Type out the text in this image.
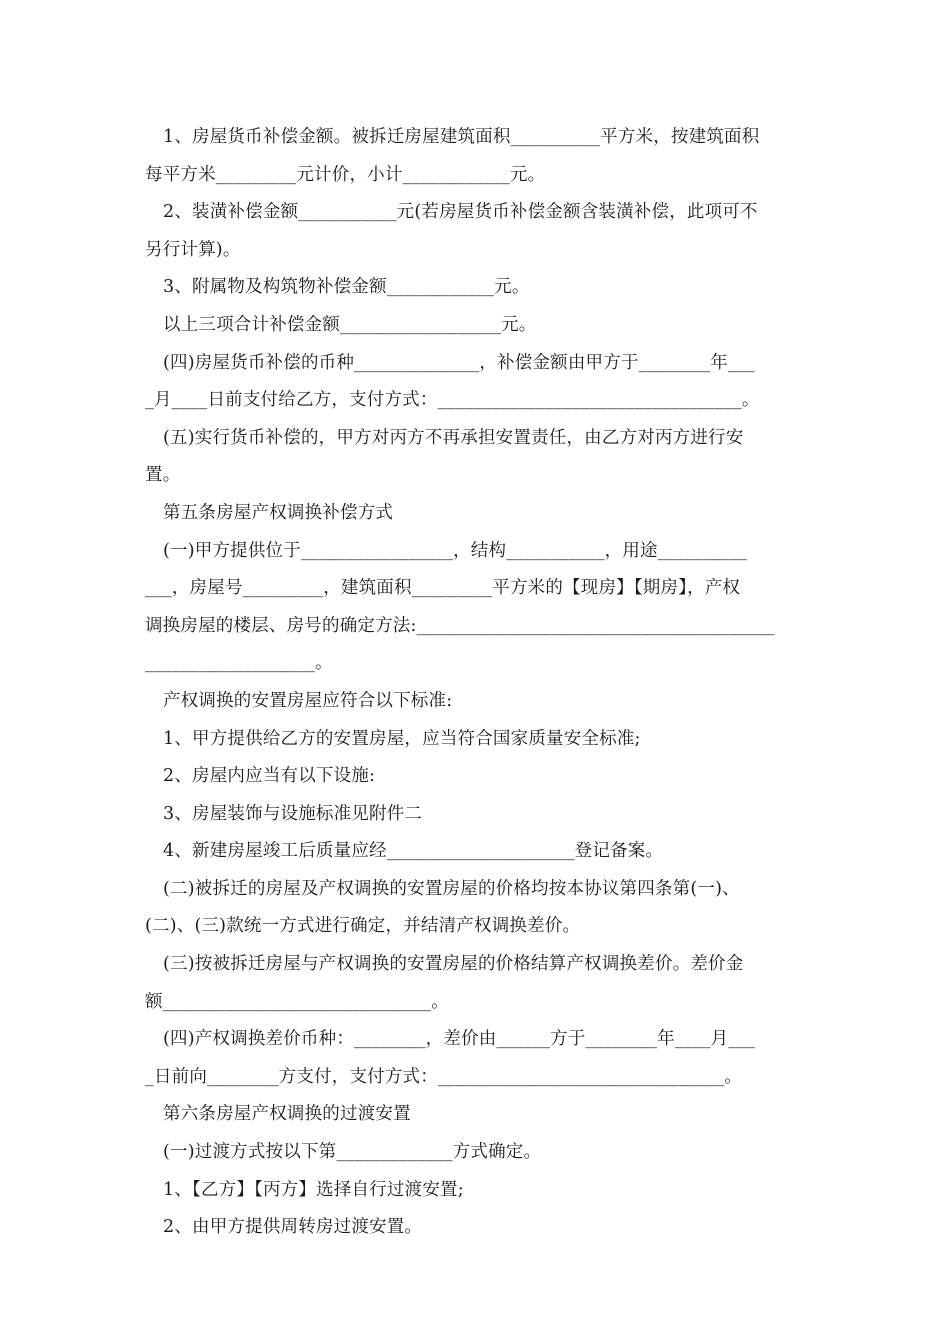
1、房屋货币补偿金额。被拆迁房屋建筑面积__________平方米，按建筑面积
每平方米_________元计价，小计____________元。
2、装潢补偿金额___________元(若房屋货币补偿金额含装潢补偿，此项可不
另行计算)。
3、附属物及构筑物补偿金额____________元。
以上三项合计补偿金额__________________元。
(四)房屋货币补偿的币种______________，补偿金额由甲方于________年___
_月____日前支付给乙方，支付方式：__________________________________。
(五)实行货币补偿的，甲方对丙方不再承担安置责任，由乙方对丙方进行安
置。
第五条房屋产权调换补偿方式
(一)甲方提供位于_________________，结构___________，用途__________
___，房屋号_________，建筑面积_________平方米的【现房】【期房】，产权
调换房屋的楼层、房号的确定方法:________________________________________
___________________。
产权调换的安置房屋应符合以下标准:
1、甲方提供给乙方的安置房屋，应当符合国家质量安全标准;
2、房屋内应当有以下设施:
3、房屋装饰与设施标准见附件二
4、新建房屋竣工后质量应经_____________________登记备案。
(二)被拆迁的房屋及产权调换的安置房屋的价格均按本协议第四条第(一)、
(二)、(三)款统一方式进行确定，并结清产权调换差价。
(三)按被拆迁房屋与产权调换的安置房屋的价格结算产权调换差价。差价金
额______________________________。
(四)产权调换差价币种：________，差价由______方于________年____月___
_日前向________方支付，支付方式：________________________________。
第六条房屋产权调换的过渡安置
(一)过渡方式按以下第_____________方式确定。
1、【乙方】【丙方】选择自行过渡安置;
2、由甲方提供周转房过渡安置。
